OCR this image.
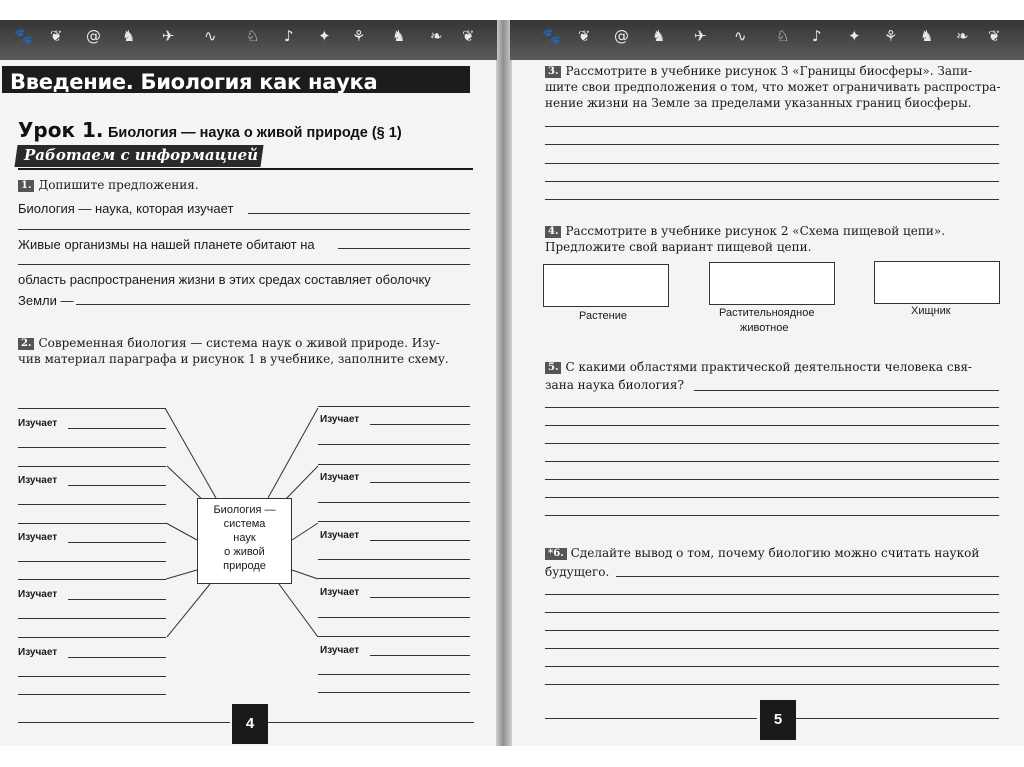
🐾 ❦ @ ♞ ✈ ∿ ♘ ♪ ✦ ⚘ ♞ ❧ ❦	🐾 ❦ @ ♞ ✈ ∿ ♘ ♪ ✦ ⚘ ♞ ❧ ❦
Введение. Биология как наука
Урок 1. Биология — наука о живой природе (§ 1)
Работаем с информацией
1. Допишите предложения.
Биология — наука, которая изучает
Живые организмы на нашей планете обитают на
область распространения жизни в этих средах составляет оболочку
Земли —
2. Современная биология — система наук о живой природе. Изу-
чив материал параграфа и рисунок 1 в учебнике, заполните схему.
Изучает
Изучает
Изучает
Изучает
Изучает
Изучает
Изучает
Изучает
Изучает
Изучает
Биология —
система
наук
о живой
природе
4
3. Рассмотрите в учебнике рисунок 3 «Границы биосферы». Запи-
шите свои предположения о том, что может ограничивать распростра-
нение жизни на Земле за пределами указанных границ биосферы.
4. Рассмотрите в учебнике рисунок 2 «Схема пищевой цепи».
Предложите свой вариант пищевой цепи.
Растение	Растительноядное
животное
Хищник
5. С какими областями практической деятельности человека свя-
зана наука биология?
*6. Сделайте вывод о том, почему биологию можно считать наукой
будущего.
5
